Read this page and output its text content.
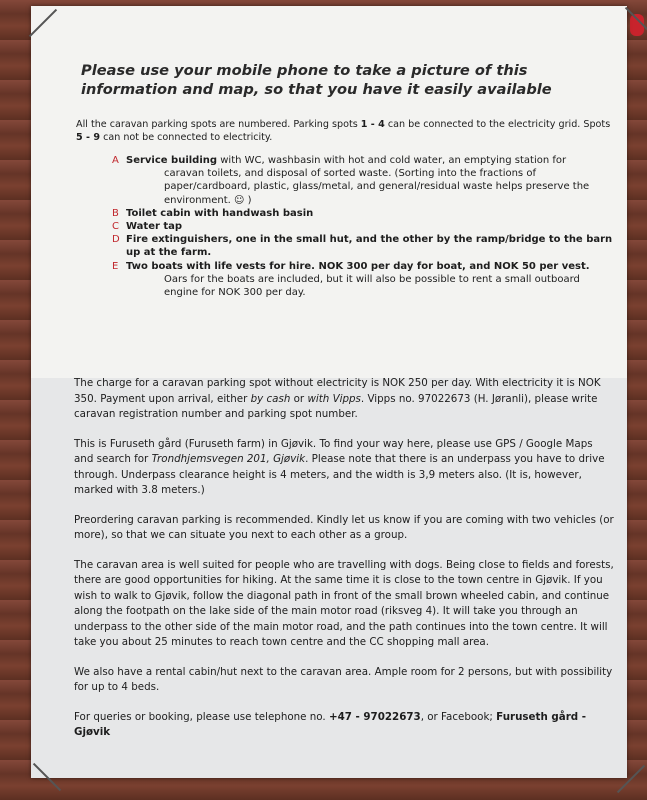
Please use your mobile phone to take a picture of this information and map, so that you have it easily available

All the caravan parking spots are numbered. Parking spots 1 - 4 can be connected to the electricity grid. Spots 5 - 9 can not be connected to electricity.

A Service building with WC, washbasin with hot and cold water, an emptying station for
caravan toilets, and disposal of sorted waste. (Sorting into the fractions of paper/cardboard, plastic, glass/metal, and general/residual waste helps preserve the environment. ☺ )
B Toilet cabin with handwash basin
C Water tap
D Fire extinguishers, one in the small hut, and the other by the ramp/bridge to the barn up at the farm.
E Two boats with life vests for hire. NOK 300 per day for boat, and NOK 50 per vest.
Oars for the boats are included, but it will also be possible to rent a small outboard engine for NOK 300 per day.

The charge for a caravan parking spot without electricity is NOK 250 per day. With electricity it is NOK 350. Payment upon arrival, either by cash or with Vipps. Vipps no. 97022673 (H. Jøranli), please write caravan registration number and parking spot number.

This is Furuseth gård (Furuseth farm) in Gjøvik. To find your way here, please use GPS / Google Maps and search for Trondhjemsvegen 201, Gjøvik. Please note that there is an underpass you have to drive through. Underpass clearance height is 4 meters, and the width is 3,9 meters also. (It is, however, marked with 3.8 meters.)

Preordering caravan parking is recommended. Kindly let us know if you are coming with two vehicles (or more), so that we can situate you next to each other as a group.

The caravan area is well suited for people who are travelling with dogs. Being close to fields and forests, there are good opportunities for hiking. At the same time it is close to the town centre in Gjøvik. If you wish to walk to Gjøvik, follow the diagonal path in front of the small brown wheeled cabin, and continue along the footpath on the lake side of the main motor road (riksveg 4). It will take you through an underpass to the other side of the main motor road, and the path continues into the town centre. It will take you about 25 minutes to reach town centre and the CC shopping mall area.

We also have a rental cabin/hut next to the caravan area. Ample room for 2 persons, but with possibility for up to 4 beds.

For queries or booking, please use telephone no. +47 - 97022673, or Facebook; Furuseth gård - Gjøvik
